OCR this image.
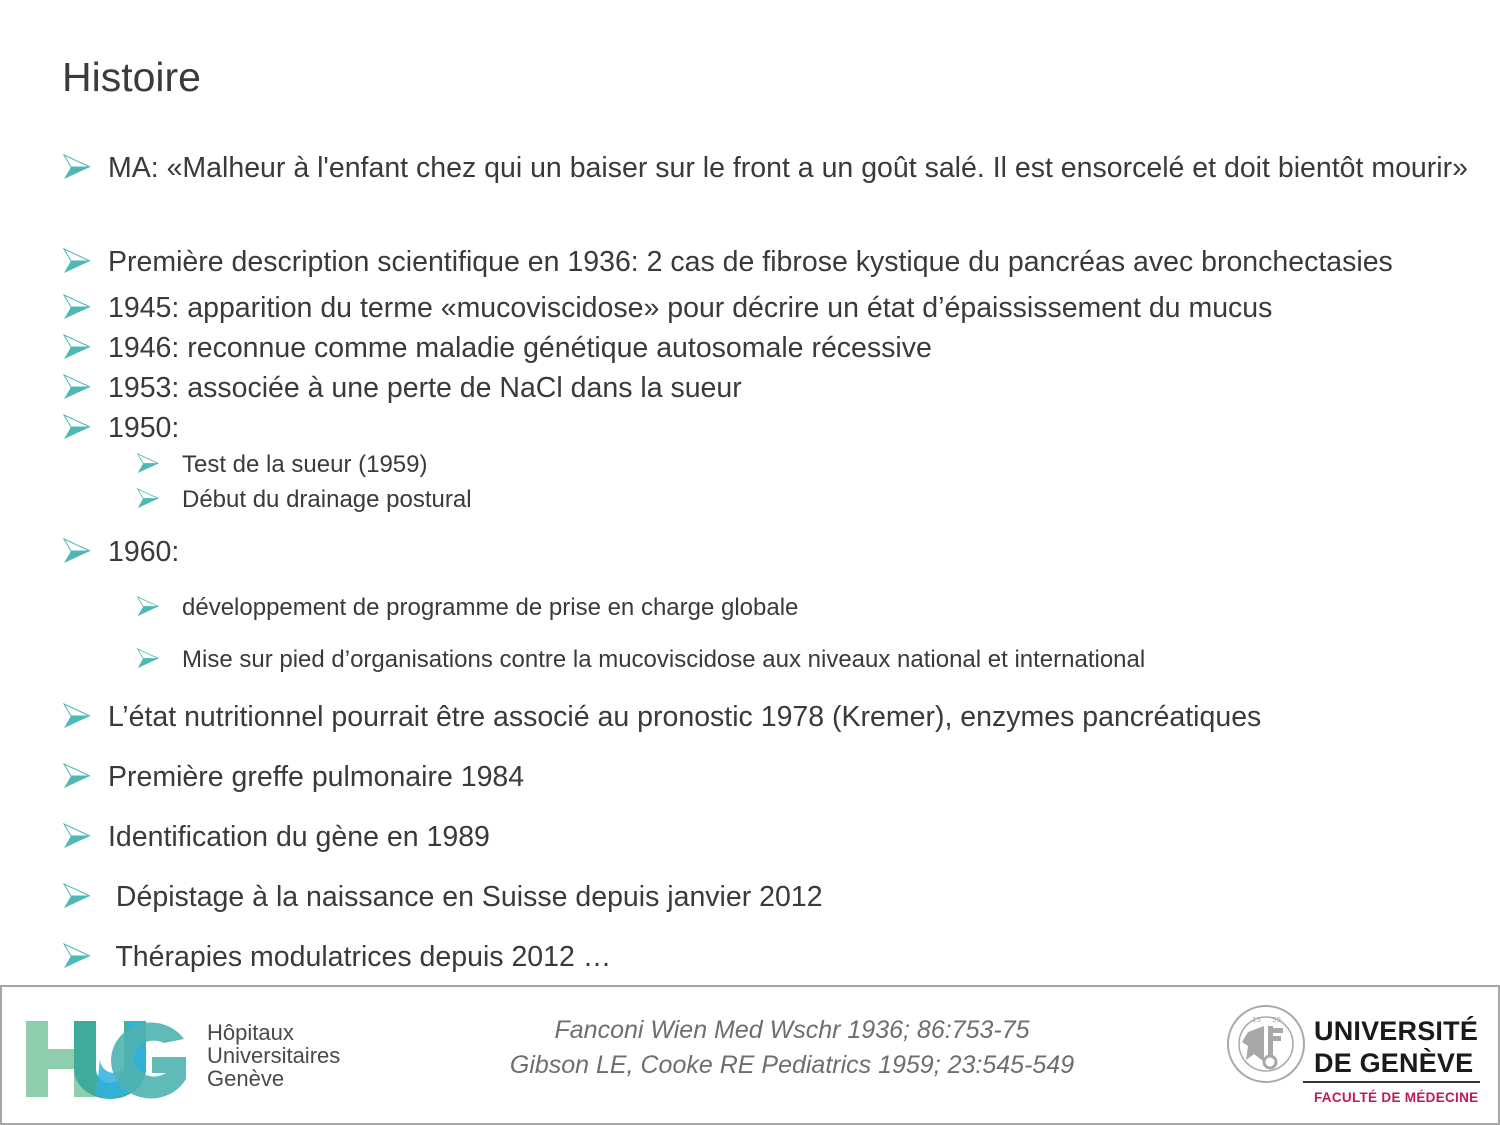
Histoire
MA: «Malheur à l'enfant chez qui un baiser sur le front a un goût salé. Il est ensorcelé et doit bientôt mourir»
Première description scientifique en 1936: 2 cas de fibrose kystique du pancréas avec bronchectasies
1945: apparition du terme «mucoviscidose» pour décrire un état d’épaississement du mucus
1946: reconnue comme maladie génétique autosomale récessive
1953: associée à une perte de NaCl dans la sueur
1950:
Test de la sueur (1959)
Début du drainage postural
1960:
développement de programme de prise en charge globale
Mise sur pied d’organisations contre la mucoviscidose aux niveaux national et international
L’état nutritionnel pourrait être associé au pronostic 1978 (Kremer), enzymes pancréatiques
Première greffe pulmonaire 1984
Identification du gène en 1989
Dépistage à la naissance en Suisse depuis janvier 2012
Thérapies modulatrices depuis 2012 …
Hôpitaux
Universitaires
Genève
Fanconi Wien Med Wschr 1936; 86:753-75
Gibson LE, Cooke RE Pediatrics 1959; 23:545-549
15 59 UNIVERSITÉ
DE GENÈVE
FACULTÉ DE MÉDECINE
